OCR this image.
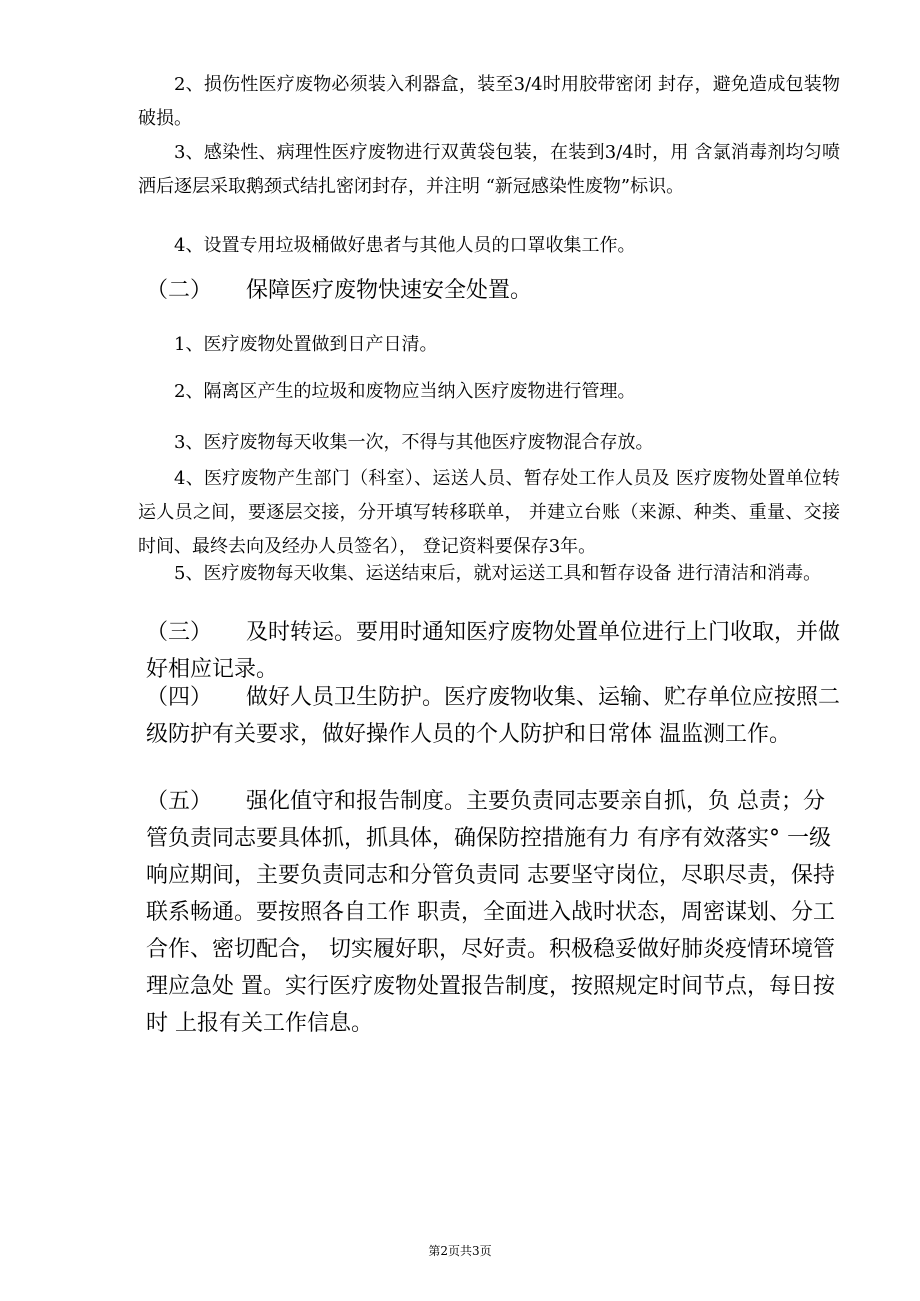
2、损伤性医疗废物必须装入利器盒，装至3/4时用胶带密闭 封存，避免造成包装物破损。

3、感染性、病理性医疗废物进行双黄袋包装，在装到3/4时，用 含氯消毒剂均匀喷洒后逐层采取鹅颈式结扎密闭封存，并注明 “新冠感染性废物”标识。

4、设置专用垃圾桶做好患者与其他人员的口罩收集工作。

（二） 保障医疗废物快速安全处置。

1、医疗废物处置做到日产日清。

2、隔离区产生的垃圾和废物应当纳入医疗废物进行管理。

3、医疗废物每天收集一次，不得与其他医疗废物混合存放。

4、医疗废物产生部门（科室）、运送人员、暂存处工作人员及 医疗废物处置单位转运人员之间，要逐层交接，分开填写转移联单， 并建立台账（来源、种类、重量、交接时间、最终去向及经办人员签名）， 登记资料要保存3年。

5、医疗废物每天收集、运送结束后，就对运送工具和暂存设备 进行清洁和消毒。

（三） 及时转运。要用时通知医疗废物处置单位进行上门收取，并做好相应记录。

（四） 做好人员卫生防护。医疗废物收集、运输、贮存单位应按照二级防护有关要求，做好操作人员的个人防护和日常体 温监测工作。

（五） 强化值守和报告制度。主要负责同志要亲自抓，负 总责；分管负责同志要具体抓，抓具体，确保防控措施有力 有序有效落实° 一级响应期间，主要负责同志和分管负责同 志要坚守岗位，尽职尽责，保持联系畅通。要按照各自工作 职责，全面进入战时状态，周密谋划、分工合作、密切配合， 切实履好职，尽好责。积极稳妥做好肺炎疫情环境管理应急处 置。实行医疗废物处置报告制度，按照规定时间节点，每日按时 上报有关工作信息。

第2页共3页
